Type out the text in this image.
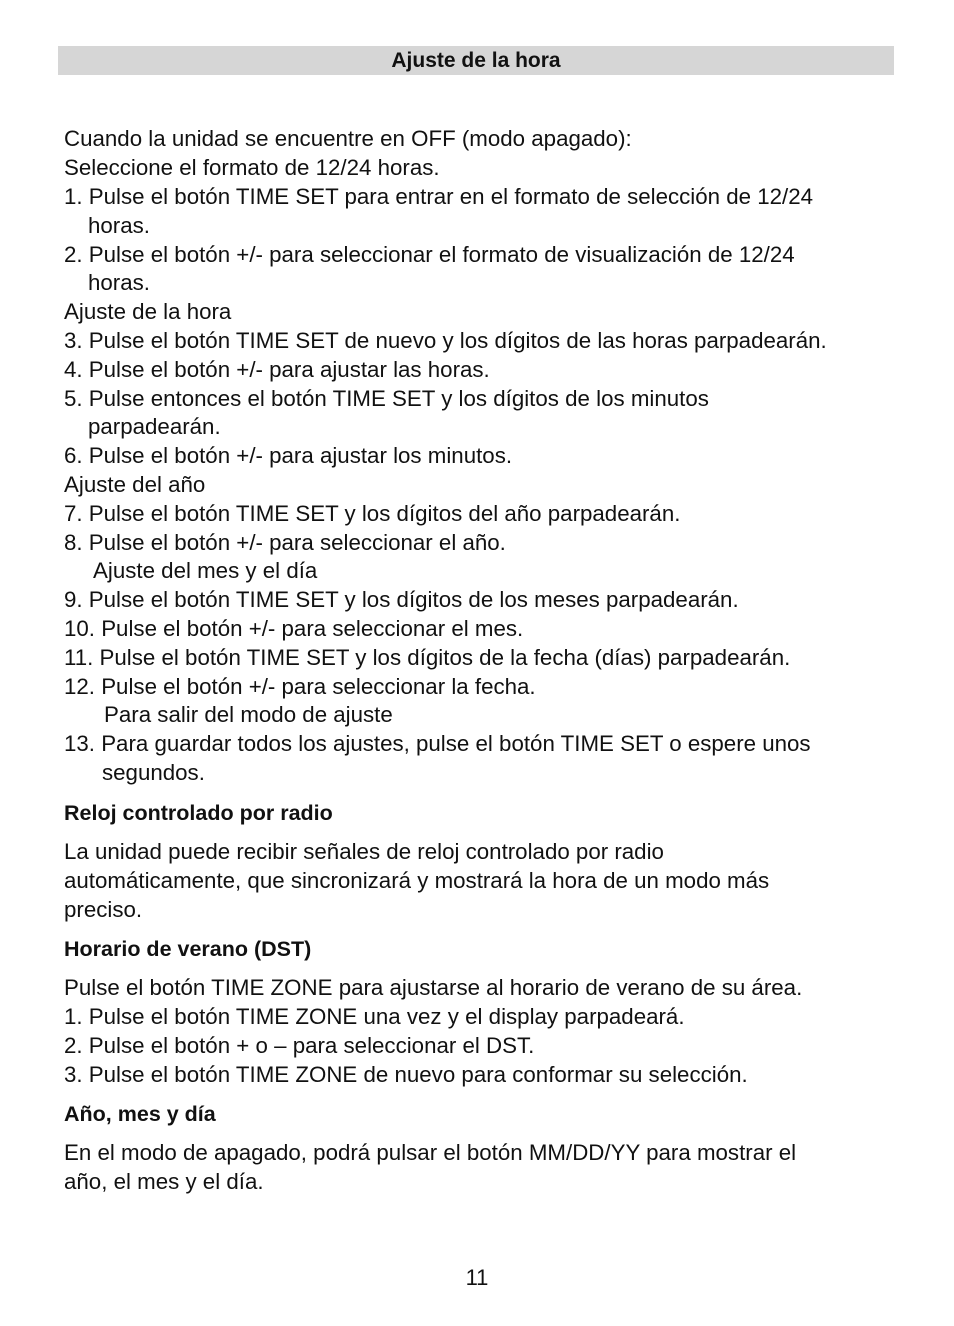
Ajuste de la hora
Cuando la unidad se encuentre en OFF (modo apagado):
Seleccione el formato de 12/24 horas.
1. Pulse el botón TIME SET para entrar en el formato de selección de 12/24
horas.
2. Pulse el botón +/- para seleccionar el formato de visualización de 12/24
horas.
Ajuste de la hora
3. Pulse el botón TIME SET de nuevo y los dígitos de las horas parpadearán.
4. Pulse el botón +/- para ajustar las horas.
5. Pulse entonces el botón TIME SET y los dígitos de los minutos
parpadearán.
6. Pulse el botón +/- para ajustar los minutos.
Ajuste del año
7. Pulse el botón TIME SET y los dígitos del año parpadearán.
8. Pulse el botón +/- para seleccionar el año.
Ajuste del mes y el día
9. Pulse el botón TIME SET y los dígitos de los meses parpadearán.
10. Pulse el botón +/- para seleccionar el mes.
11. Pulse el botón TIME SET y los dígitos de la fecha (días) parpadearán.
12. Pulse el botón +/- para seleccionar la fecha.
Para salir del modo de ajuste
13. Para guardar todos los ajustes, pulse el botón TIME SET o espere unos
segundos.
Reloj controlado por radio
La unidad puede recibir señales de reloj controlado por radio
automáticamente, que sincronizará y mostrará la hora de un modo más
preciso.
Horario de verano (DST)
Pulse el botón TIME ZONE para ajustarse al horario de verano de su área.
1. Pulse el botón TIME ZONE una vez y el display parpadeará.
2. Pulse el botón + o – para seleccionar el DST.
3. Pulse el botón TIME ZONE de nuevo para conformar su selección.
Año, mes y día
En el modo de apagado, podrá pulsar el botón MM/DD/YY para mostrar el
año, el mes y el día.
11
